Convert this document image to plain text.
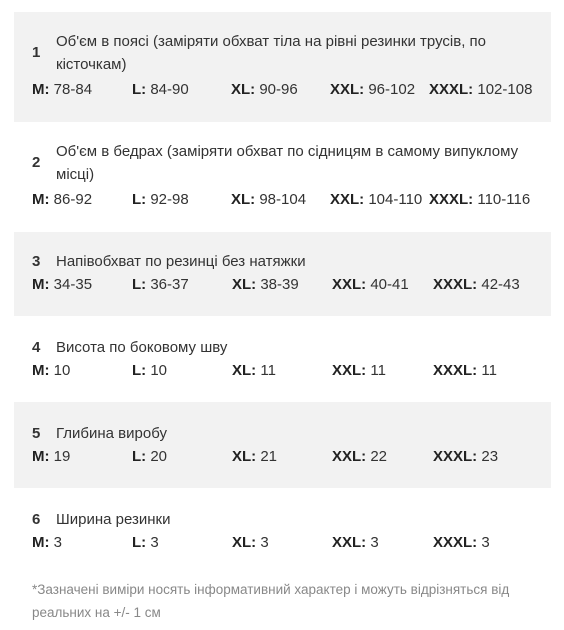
1
Об'єм в поясі (заміряти обхват тіла на рівні резинки трусів, по кісточкам)
M: 78-84	L: 84-90	XL: 90-96 XXL: 96-102 XXXL: 102-108
2
Об'єм в бедрах (заміряти обхват по сідницям в самому випуклому місці)
M: 86-92	L: 92-98	XL: 98-104 XXL: 104-110 XXXL: 110-116
3 Напівобхват по резинці без натяжки
M: 34-35	L: 36-37	XL: 38-39 XXL: 40-41 XXXL: 42-43
4 Висота по боковому шву
M: 10	L: 10	XL: 11	XXL: 11	XXXL: 11
5 Глибина виробу
M: 19	L: 20	XL: 21	XXL: 22	XXXL: 23
6 Ширина резинки
M: 3	L: 3	XL: 3	XXL: 3	XXXL: 3
*Зазначені виміри носять інформативний характер і можуть відрізняться від реальних на +/- 1 см
